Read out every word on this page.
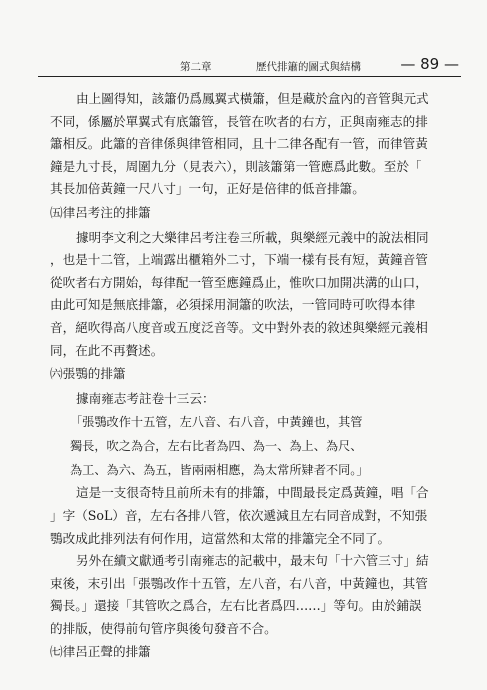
第二章	歷代排簫的圖式與結構	— 89 —
由上圖得知，該簫仍爲鳳翼式橫簫，但是藏於盒內的音管與元式
不同，係屬於單翼式有底簫管，長管在吹者的右方，正與南雍志的排
簫相反。此簫的音律係與律管相同，且十二律各配有一管，而律管黃
鐘是九寸長，周圍九分（見表六），則該簫第一管應爲此數。至於「
其長加倍黃鐘一尺八寸」一句，正好是倍律的低音排簫。
㈤律呂考注的排簫
據明李文利之大樂律呂考注卷三所載，與樂經元義中的說法相同
，也是十二管，上端露出櫃箱外二寸，下端一樣有長有短，黃鐘音管
從吹者右方開始，每律配一管至應鐘爲止，惟吹口加開㓋溝的山口，
由此可知是無底排簫，必須採用洞簫的吹法，一管同時可吹得本律
音，絕吹得高八度音或五度泛音等。文中對外表的敘述與樂經元義相
同，在此不再贅述。
㈥張鶚的排簫
據南雍志考註卷十三云：
「張鶚改作十五管，左八音、右八音，中黃鐘也，其管
獨長，吹之為合，左右比者為四、為一、為上、為尺、
為工、為六、為五，皆兩兩相應，為太常所肄者不同。」
這是一支很奇特且前所未有的排簫，中間最長定爲黃鐘，唱「合
」字（SoL）音，左右各排八管，依次遞減且左右同音成對，不知張
鶚改成此排列法有何作用，這當然和太常的排簫完全不同了。
另外在續文獻通考引南雍志的記載中，最末句「十六管三寸」結
束後，末引出「張鶚改作十五管，左八音，右八音，中黃鐘也，其管
獨長。」還接「其管吹之爲合，左右比者爲四……」等句。由於鋪誤
的排版，使得前句管序與後句發音不合。
㈦律呂正聲的排簫
